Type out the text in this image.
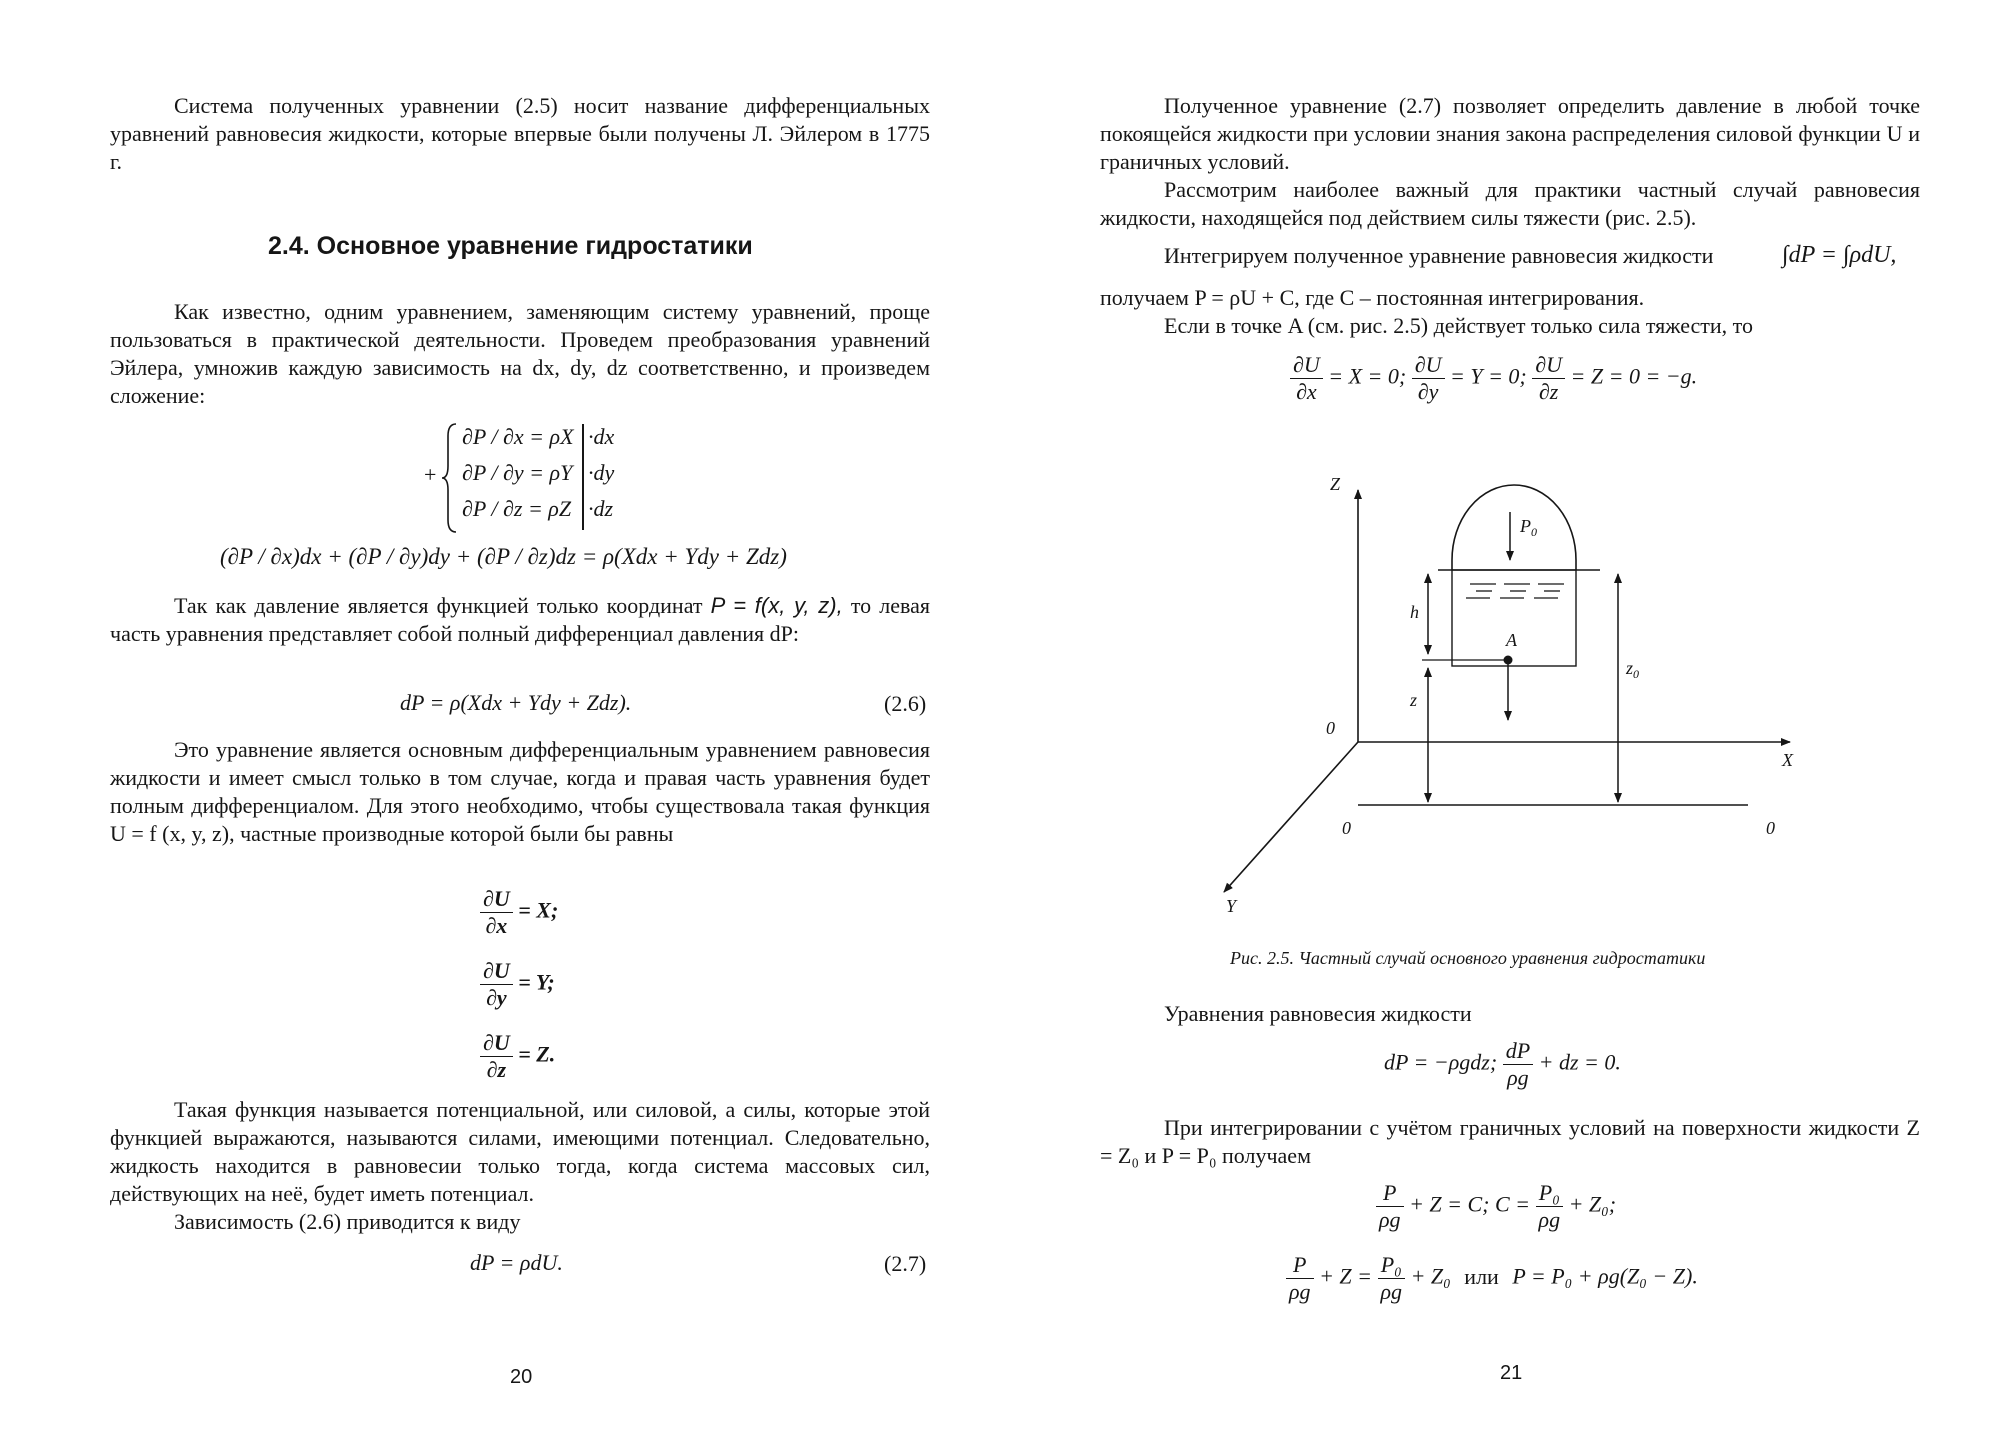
Система полученных уравнении (2.5) носит название дифференциальных уравнений равновесия жидкости, которые впервые были получены Л. Эйлером в 1775 г.

2.4. Основное уравнение гидростатики

Как известно, одним уравнением, заменяющим систему уравнений, проще пользоваться в практической деятельности. Проведем преобразования уравнений Эйлера, умножив каждую зависимость на dx, dy, dz соответственно, и произведем сложение:

+
∂P / ∂x = ρX
∂P / ∂y = ρY
∂P / ∂z = ρZ
·dx
·dy
·dz
(∂P / ∂x)dx + (∂P / ∂y)dy + (∂P / ∂z)dz = ρ(Xdx + Ydy + Zdz)

Так как давление является функцией только координат P = f(x, y, z), то левая часть уравнения представляет собой полный дифференциал давления dP:

dP = ρ(Xdx + Ydy + Zdz).	(2.6)

Это уравнение является основным дифференциальным уравнением равновесия жидкости и имеет смысл только в том случае, когда и правая часть уравнения будет полным дифференциалом. Для этого необходимо, чтобы существовала такая функция U = f (x, y, z), частные производные которой были бы равны

$\frac{\partial U}{\partial x} = X$;
$\frac{\partial U}{\partial y} = Y$;
$\frac{\partial U}{\partial z} = Z$.

Такая функция называется потенциальной, или силовой, а силы, которые этой функцией выражаются, называются силами, имеющими потенциал. Следовательно, жидкость находится в равновесии только тогда, когда система массовых сил, действующих на неё, будет иметь потенциал.

Зависимость (2.6) приводится к виду

dP = ρdU.	(2.7)
20

Полученное уравнение (2.7) позволяет определить давление в любой точке покоящейся жидкости при условии знания закона распределения силовой функции U и граничных условий.

Рассмотрим наиболее важный для практики частный случай равновесия жидкости, находящейся под действием силы тяжести (рис. 2.5).

Интегрируем полученное уравнение равновесия жидкости	∫dP = ∫ρdU,
получаем P = ρU + C, где C – постоянная интегрирования.
Если в точке A (см. рис. 2.5) действует только сила тяжести, то
$\frac{\partial U}{\partial x} = X = 0$; $\frac{\partial U}{\partial y} = Y = 0$; $\frac{\partial U}{\partial z} = Z = 0 = -g$.
Z
X
Y
0
$P_0$
A
h
z
$z_0$
0	0
Рис. 2.5. Частный случай основного уравнения гидростатики
Уравнения равновесия жидкости
dP = −ρgdz; $\frac{dP}{\rho g}$ + dz = 0.

При интегрировании с учётом граничных условий на поверхности жидкости Z = Z₀ и P = P₀ получаем

$\frac{P}{\rho g} + Z = C$; $C = \frac{\text{P₀}}{\rho g} + Z_0$;
$\frac{P}{\rho g} + Z = \frac{\text{P₀}}{\rho g} + Z_0$ или P = P₀ + ρg(Z₀ − Z).
21
